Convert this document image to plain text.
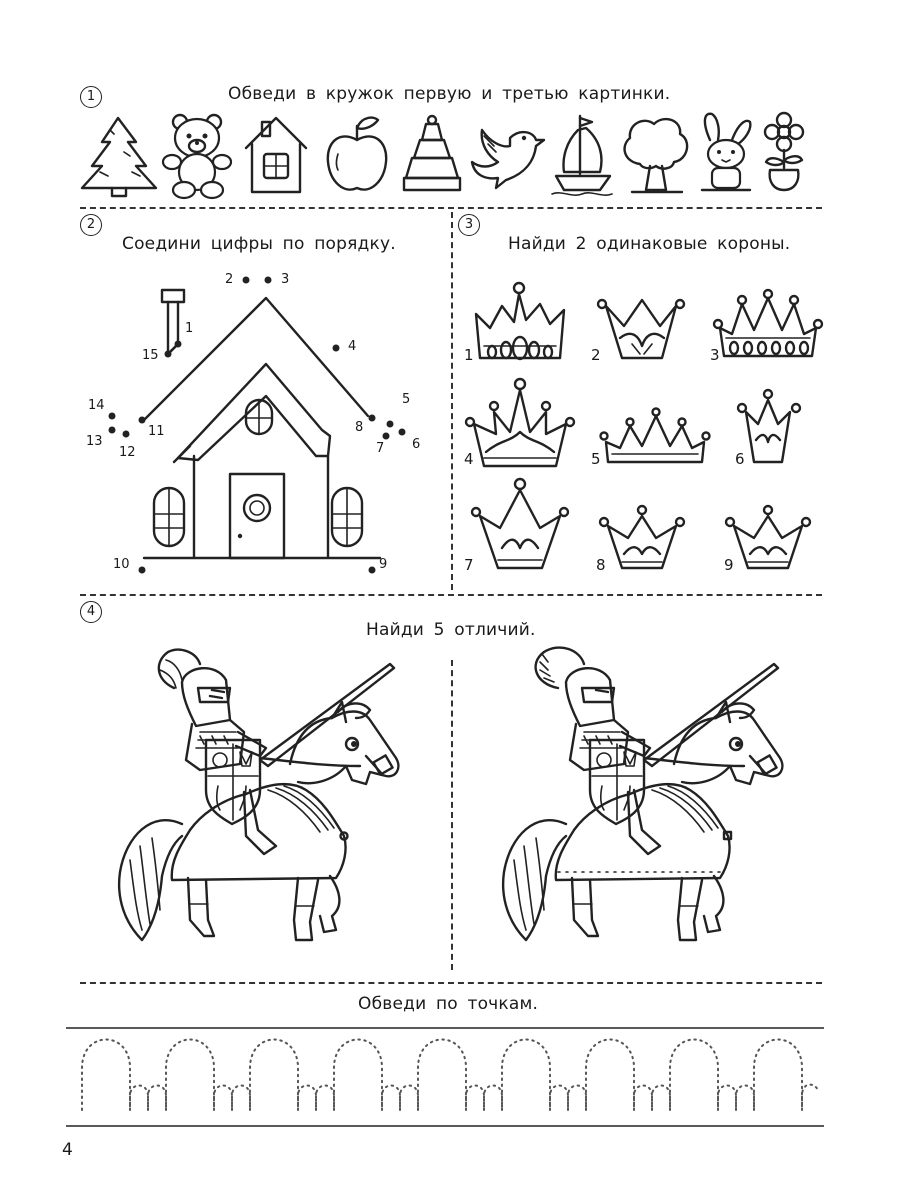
1	Обведи в кружок первую и третью картинки.
2
Соедини цифры по порядку.
1
2	3
4
5
6
7
8
9
10
11
12
13
14
15
3
Найди 2 одинаковые короны.
1	2	3
4	5	6
7	8	9
4
Найди 5 отличий.
Обведи по точкам.
4
